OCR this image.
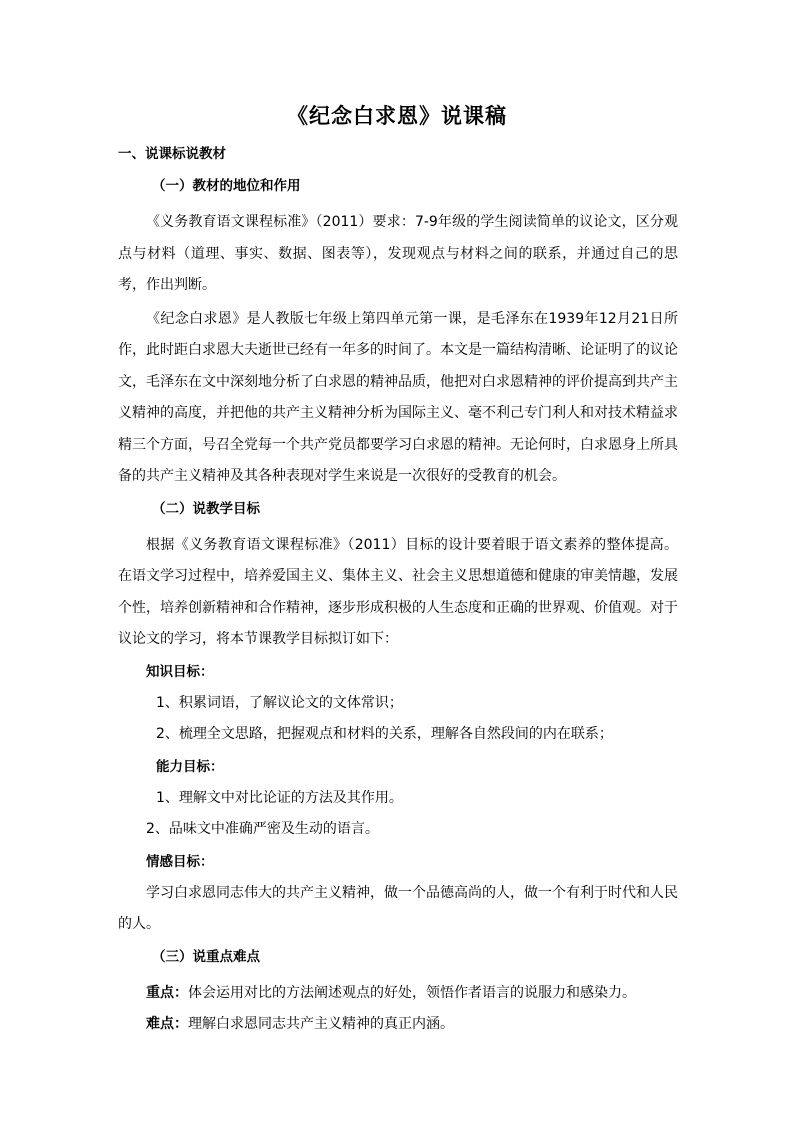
《纪念白求恩》说课稿
一、说课标说教材
（一）教材的地位和作用

《义务教育语文课程标准》（2011）要求：7-9年级的学生阅读简单的议论文，区分观点与材料（道理、事实、数据、图表等），发现观点与材料之间的联系，并通过自己的思考，作出判断。

《纪念白求恩》是人教版七年级上第四单元第一课，是毛泽东在1939年12月21日所作，此时距白求恩大夫逝世已经有一年多的时间了。本文是一篇结构清晰、论证明了的议论文，毛泽东在文中深刻地分析了白求恩的精神品质，他把对白求恩精神的评价提高到共产主义精神的高度，并把他的共产主义精神分析为国际主义、毫不利己专门利人和对技术精益求精三个方面，号召全党每一个共产党员都要学习白求恩的精神。无论何时，白求恩身上所具备的共产主义精神及其各种表现对学生来说是一次很好的受教育的机会。

（二）说教学目标

根据《义务教育语文课程标准》（2011）目标的设计要着眼于语文素养的整体提高。在语文学习过程中，培养爱国主义、集体主义、社会主义思想道德和健康的审美情趣，发展个性，培养创新精神和合作精神，逐步形成积极的人生态度和正确的世界观、价值观。对于议论文的学习，将本节课教学目标拟订如下：

知识目标：

1、积累词语，了解议论文的文体常识；

2、梳理全文思路，把握观点和材料的关系，理解各自然段间的内在联系；

能力目标：

1、理解文中对比论证的方法及其作用。

2、品味文中准确严密及生动的语言。

情感目标：

学习白求恩同志伟大的共产主义精神，做一个品德高尚的人，做一个有利于时代和人民的人。

（三）说重点难点

重点：体会运用对比的方法阐述观点的好处，领悟作者语言的说服力和感染力。

难点：理解白求恩同志共产主义精神的真正内涵。
